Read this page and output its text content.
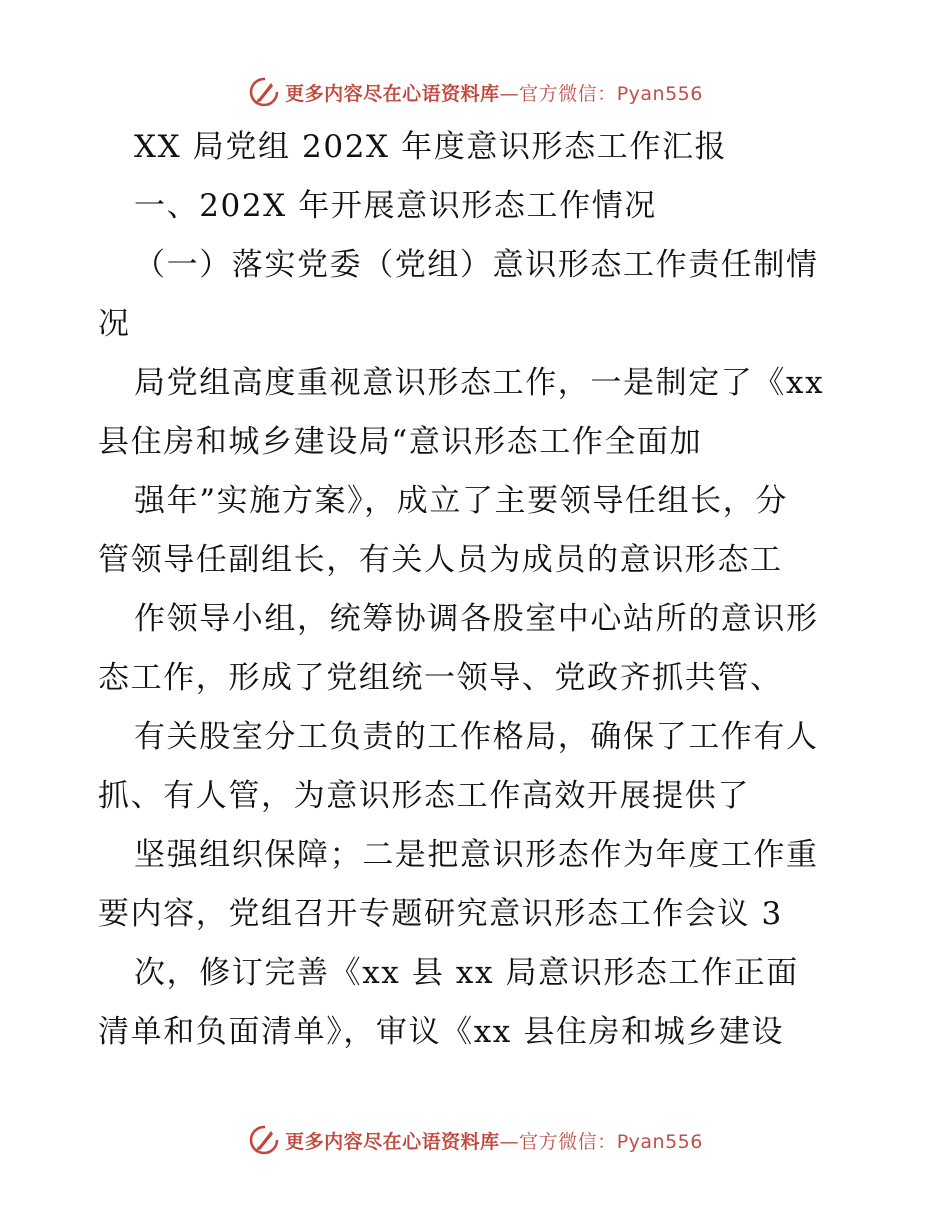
更多内容尽在心语资料库—官方微信：Pyan556
XX 局党组 202X 年度意识形态工作汇报
一、202X 年开展意识形态工作情况
（一）落实党委（党组）意识形态工作责任制情
况
局党组高度重视意识形态工作，一是制定了《xx
县住房和城乡建设局“意识形态工作全面加
强年”实施方案》，成立了主要领导任组长，分
管领导任副组长，有关人员为成员的意识形态工
作领导小组，统筹协调各股室中心站所的意识形
态工作，形成了党组统一领导、党政齐抓共管、
有关股室分工负责的工作格局，确保了工作有人
抓、有人管，为意识形态工作高效开展提供了
坚强组织保障；二是把意识形态作为年度工作重
要内容，党组召开专题研究意识形态工作会议 3
次，修订完善《xx 县 xx 局意识形态工作正面
清单和负面清单》，审议《xx 县住房和城乡建设
更多内容尽在心语资料库—官方微信：Pyan556
